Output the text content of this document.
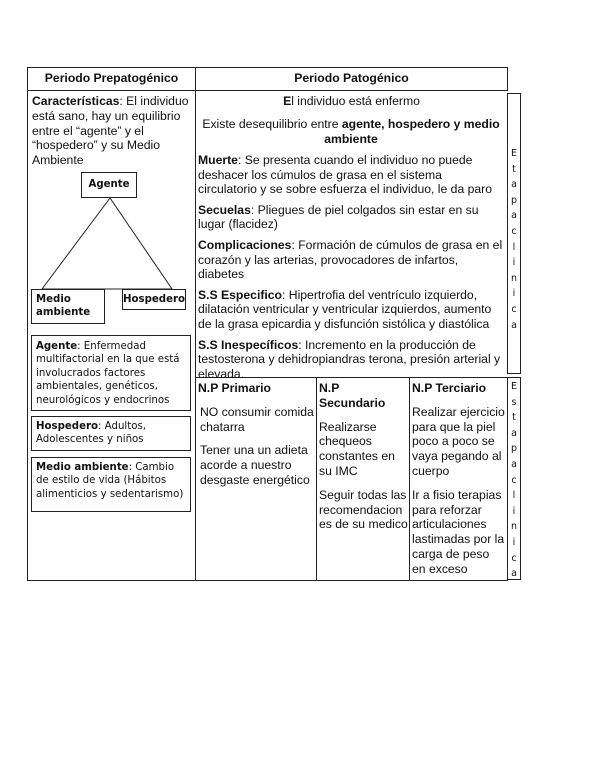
Periodo Prepatogénico	Periodo Patogénico
Características: El individuo está sano, hay un equilibrio entre el “agente” y el “hospedero” y su Medio Ambiente
Agente
Medio ambiente
Hospedero
Agente: Enfermedad multifactorial en la que está involucrados factores ambientales, genéticos, neurológicos y endocrinos
Hospedero: Adultos, Adolescentes y niños
Medio ambiente: Cambio de estilo de vida (Hábitos alimenticios y sedentarismo)
El individuo está enfermo
Existe desequilibrio entre agente, hospedero y medio ambiente

Muerte: Se presenta cuando el individuo no puede deshacer los cúmulos de grasa en el sistema circulatorio y se sobre esfuerza el individuo, le da paro

Secuelas: Pliegues de piel colgados sin estar en su lugar (flacidez)

Complicaciones: Formación de cúmulos de grasa en el corazón y las arterias, provocadores de infartos, diabetes

S.S Especifico: Hipertrofia del ventrículo izquierdo, dilatación ventricular y ventricular izquierdos, aumento de la grasa epicardia y disfunción sistólica y diastólica

S.S Inespecíficos: Incremento en la producción de testosterona y dehidropiandras terona, presión arterial y elevada.

E
t
a
p
a
c
l
i
n
i
c
a
E
s
t
a
p
a
c
l
i
n
i
c
a
N.P Primario

NO consumir comida chatarra

Tener una un adieta acorde a nuestro desgaste energético

N.P Secundario

Realizarse chequeos constantes en su IMC

Seguir todas las recomendacion es de su medico

N.P Terciario

Realizar ejercicio para que la piel poco a poco se vaya pegando al cuerpo

Ir a fisio terapias para reforzar articulaciones lastimadas por la carga de peso en exceso
